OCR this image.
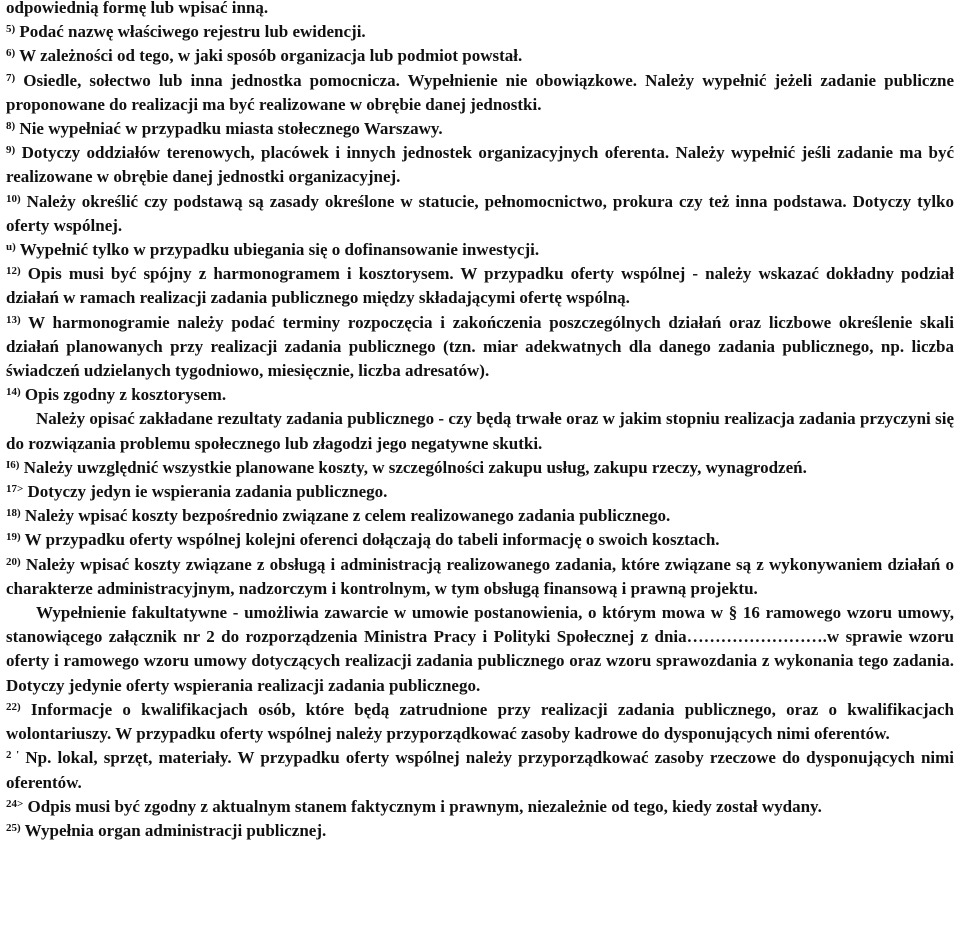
odpowiednią formę lub wpisać inną.

$^{5)}$ Podać nazwę właściwego rejestru lub ewidencji.

$^{6)}$ W zależności od tego, w jaki sposób organizacja lub podmiot powstał.

$^{7)}$ Osiedle, sołectwo lub inna jednostka pomocnicza. Wypełnienie nie obowiązkowe. Należy wypełnić jeżeli zadanie publiczne proponowane do realizacji ma być realizowane w obrębie danej jednostki.

$^{8)}$ Nie wypełniać w przypadku miasta stołecznego Warszawy.

$^{9)}$ Dotyczy oddziałów terenowych, placówek i innych jednostek organizacyjnych oferenta. Należy wypełnić jeśli zadanie ma być realizowane w obrębie danej jednostki organizacyjnej.

$^{10)}$ Należy określić czy podstawą są zasady określone w statucie, pełnomocnictwo, prokura czy też inna podstawa. Dotyczy tylko oferty wspólnej.

$^{u)}$ Wypełnić tylko w przypadku ubiegania się o dofinansowanie inwestycji.

$^{12)}$ Opis musi być spójny z harmonogramem i kosztorysem. W przypadku oferty wspólnej - należy wskazać dokładny podział działań w ramach realizacji zadania publicznego między składającymi ofertę wspólną.

$^{13)}$ W harmonogramie należy podać terminy rozpoczęcia i zakończenia poszczególnych działań oraz liczbowe określenie skali działań planowanych przy realizacji zadania publicznego (tzn. miar adekwatnych dla danego zadania publicznego, np. liczba świadczeń udzielanych tygodniowo, miesięcznie, liczba adresatów).

$^{14)}$ Opis zgodny z kosztorysem.

Należy opisać zakładane rezultaty zadania publicznego - czy będą trwałe oraz w jakim stopniu realizacja zadania przyczyni się do rozwiązania problemu społecznego lub złagodzi jego negatywne skutki.

$^{I6)}$ Należy uwzględnić wszystkie planowane koszty, w szczególności zakupu usług, zakupu rzeczy, wynagrodzeń.

$^{17>}$ Dotyczy jedyn ie wspierania zadania publicznego.

$^{18)}$ Należy wpisać koszty bezpośrednio związane z celem realizowanego zadania publicznego.

$^{19)}$ W przypadku oferty wspólnej kolejni oferenci dołączają do tabeli informację o swoich kosztach.

$^{20)}$ Należy wpisać koszty związane z obsługą i administracją realizowanego zadania, które związane są z wykonywaniem działań o charakterze administracyjnym, nadzorczym i kontrolnym, w tym obsługą finansową i prawną projektu.

Wypełnienie fakultatywne - umożliwia zawarcie w umowie postanowienia, o którym mowa w § 16 ramowego wzoru umowy, stanowiącego załącznik nr 2 do rozporządzenia Ministra Pracy i Polityki Społecznej z dnia…………………….w sprawie wzoru oferty i ramowego wzoru umowy dotyczących realizacji zadania publicznego oraz wzoru sprawozdania z wykonania tego zadania. Dotyczy jedynie oferty wspierania realizacji zadania publicznego.

$^{22)}$ Informacje o kwalifikacjach osób, które będą zatrudnione przy realizacji zadania publicznego, oraz o kwalifikacjach wolontariuszy. W przypadku oferty wspólnej należy przyporządkować zasoby kadrowe do dysponujących nimi oferentów.

$^{2 '}$ Np. lokal, sprzęt, materiały. W przypadku oferty wspólnej należy przyporządkować zasoby rzeczowe do dysponujących nimi oferentów.

$^{24>}$ Odpis musi być zgodny z aktualnym stanem faktycznym i prawnym, niezależnie od tego, kiedy został wydany.

$^{25)}$ Wypełnia organ administracji publicznej.
